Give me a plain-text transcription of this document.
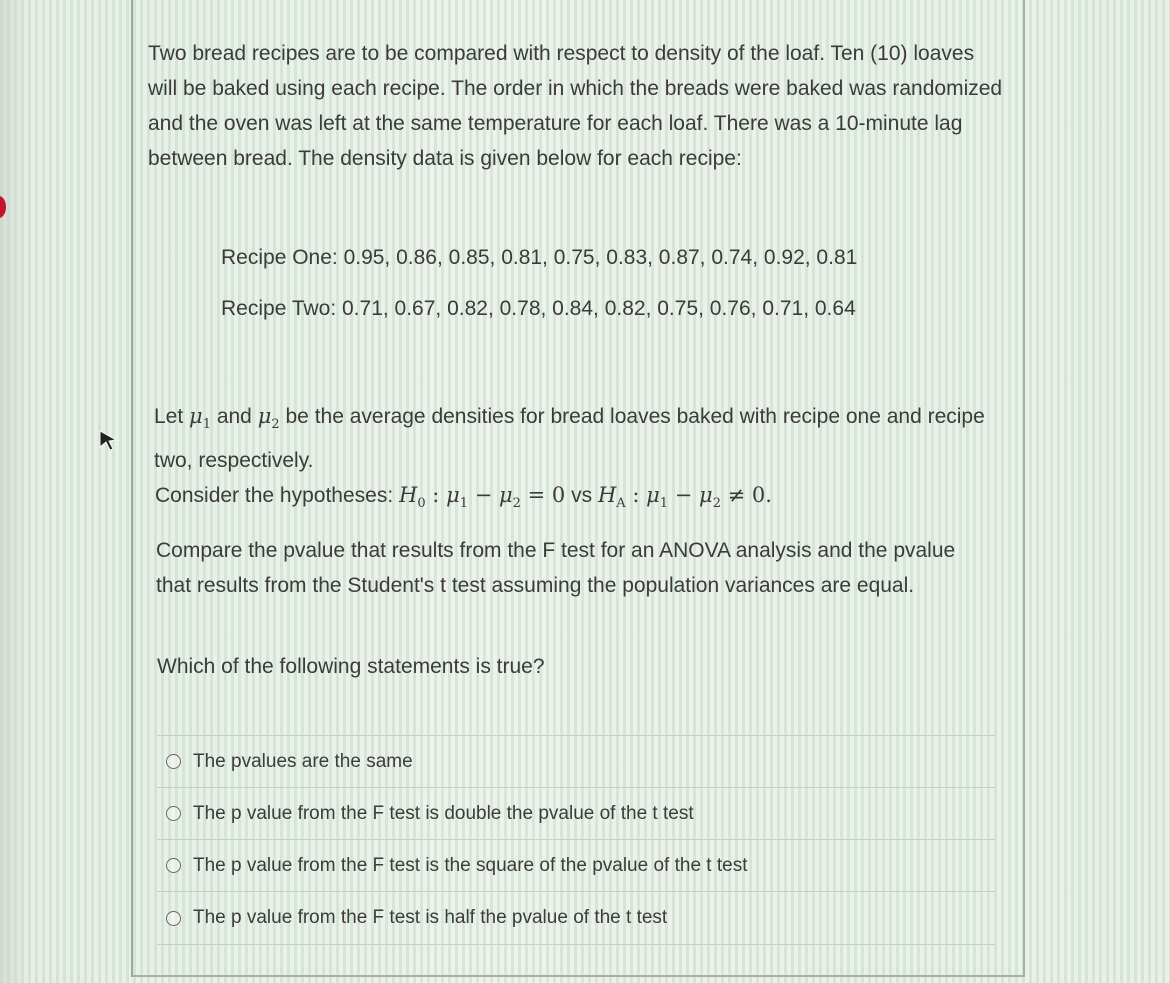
Two bread recipes are to be compared with respect to density of the loaf. Ten (10) loaves will be baked using each recipe. The order in which the breads were baked was randomized and the oven was left at the same temperature for each loaf. There was a 10-minute lag between bread. The density data is given below for each recipe:

Recipe One: 0.95, 0.86, 0.85, 0.81, 0.75, 0.83, 0.87, 0.74, 0.92, 0.81

Recipe Two: 0.71, 0.67, 0.82, 0.78, 0.84, 0.82, 0.75, 0.76, 0.71, 0.64

Let $\mu_1$ and $\mu_2$ be the average densities for bread loaves baked with recipe one and recipe two, respectively.

Consider the hypotheses: $H_0$ : $\mu_1 - \mu_2 = 0$ vs $H_A$ : $\mu_1 - \mu_2 \ne 0$.

Compare the pvalue that results from the F test for an ANOVA analysis and the pvalue that results from the Student's t test assuming the population variances are equal.

Which of the following statements is true?

The pvalues are the same
The p value from the F test is double the pvalue of the t test
The p value from the F test is the square of the pvalue of the t test
The p value from the F test is half the pvalue of the t test
